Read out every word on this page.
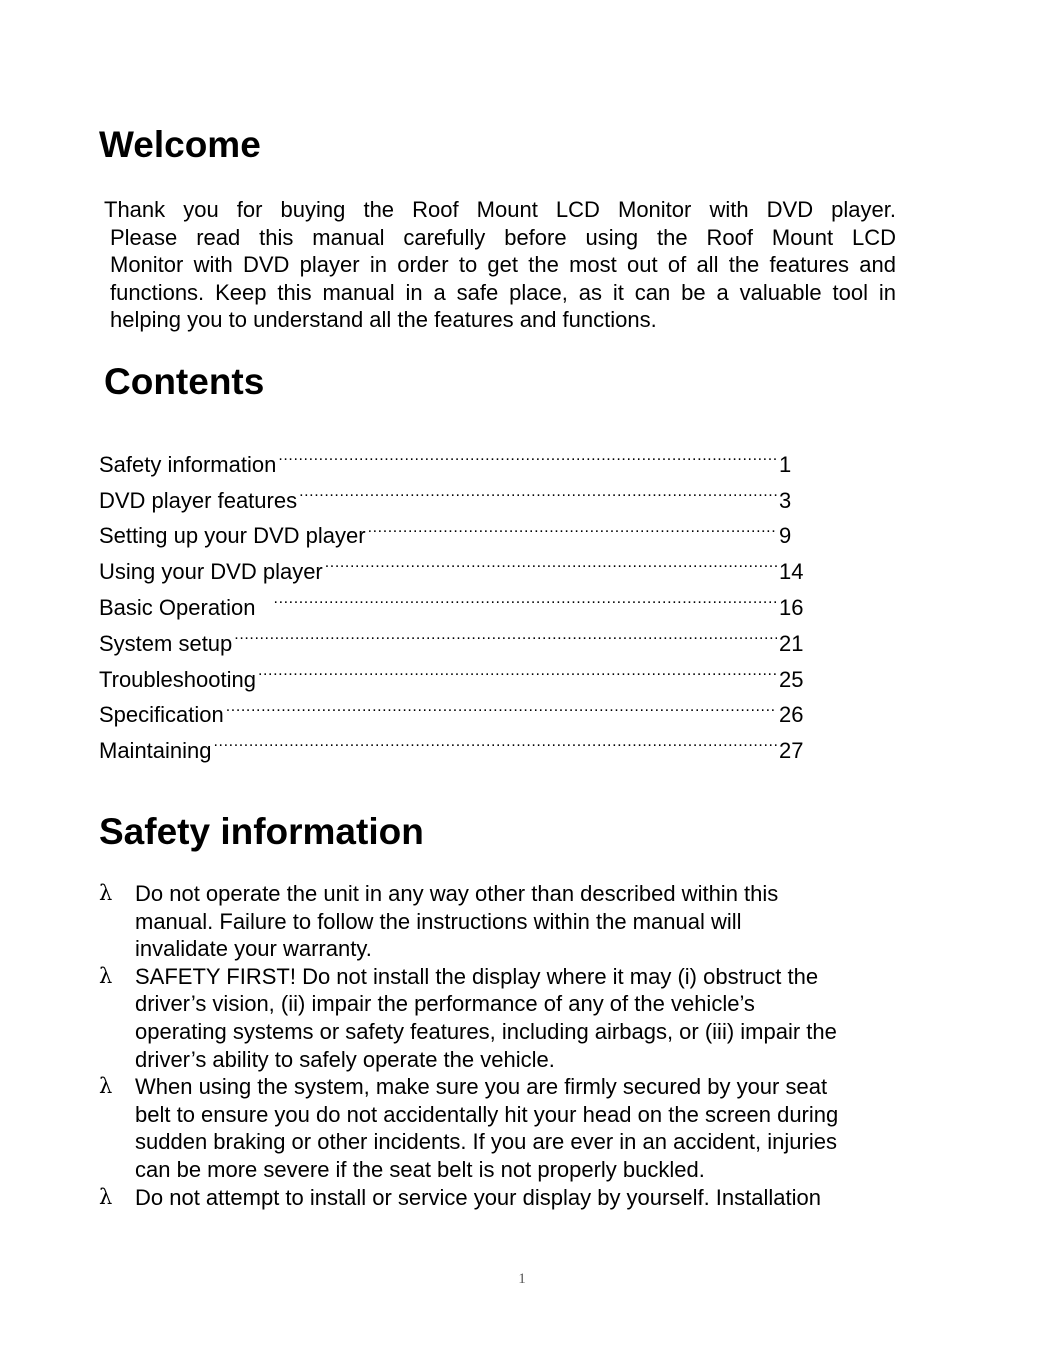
Welcome
Thank you for buying the Roof Mount LCD Monitor with DVD player.
Please read this manual carefully before using the Roof Mount LCD
Monitor with DVD player in order to get the most out of all the features and
functions. Keep this manual in a safe place, as it can be a valuable tool in
helping you to understand all the features and functions.
Contents
Safety information .....	1
DVD player features .....	3
Setting up your DVD player .....	9
Using your DVD player .....	14
Basic Operation .....	16
System setup .....	21
Troubleshooting .....	25
Specification .....	26
Maintaining .....	27
Safety information
λ Do not operate the unit in any way other than described within this
manual. Failure to follow the instructions within the manual will
invalidate your warranty.
λ SAFETY FIRST! Do not install the display where it may (i) obstruct the
driver’s vision, (ii) impair the performance of any of the vehicle’s
operating systems or safety features, including airbags, or (iii) impair the
driver’s ability to safely operate the vehicle.
λ When using the system, make sure you are firmly secured by your seat
belt to ensure you do not accidentally hit your head on the screen during
sudden braking or other incidents. If you are ever in an accident, injuries
can be more severe if the seat belt is not properly buckled.
λ Do not attempt to install or service your display by yourself. Installation
1
